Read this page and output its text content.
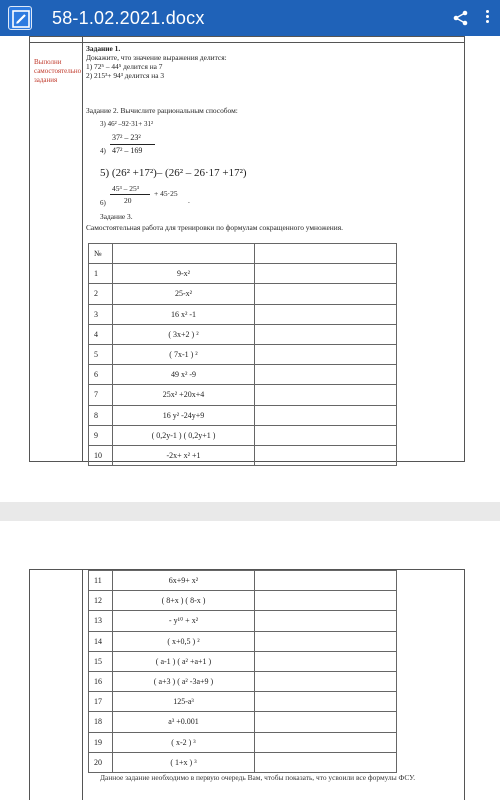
58-1.02.2021.docx
Выполни самостоятельно задания
Задание 1.
Докажите, что значение выражения делится:
1) 72⁵ – 44⁵ делится на 7
2) 215³+ 94³ делится на 3
Задание 2. Вычислите рациональным способом:
3) 46² –92·31+ 31²
4)
37² – 23²
47² – 169
5) (26² +17²)– (26² – 26·17 +17²)
6)
45³ – 25³
20
+ 45·25
.
Задание 3.
Самостоятельная работа для тренировки по формулам сокращенного умножения.
№		
1	9-x²	
2	25-x²	
3	16 x² -1	
4	( 3x+2 ) ²	
5	( 7x-1 ) ²	
6	49 x² -9	
7	25x² +20x+4	
8	16 y² -24y+9	
9	( 0,2y-1 ) ( 0,2y+1 )	
10	-2x+ x² +1	
11	6x+9+ x²	
12	( 8+x ) ( 8-x )	
13	- y¹⁰ + x²	
14	( x+0,5 ) ²	
15	( a-1 ) ( a² +a+1 )	
16	( a+3 ) ( a² -3a+9 )	
17	125-a³	
18	a³ +0.001	
19	( x-2 ) ³	
20	( 1+x ) ³	
Данное задание необходимо в первую очередь Вам, чтобы показать, что усвоили все формулы ФСУ.
